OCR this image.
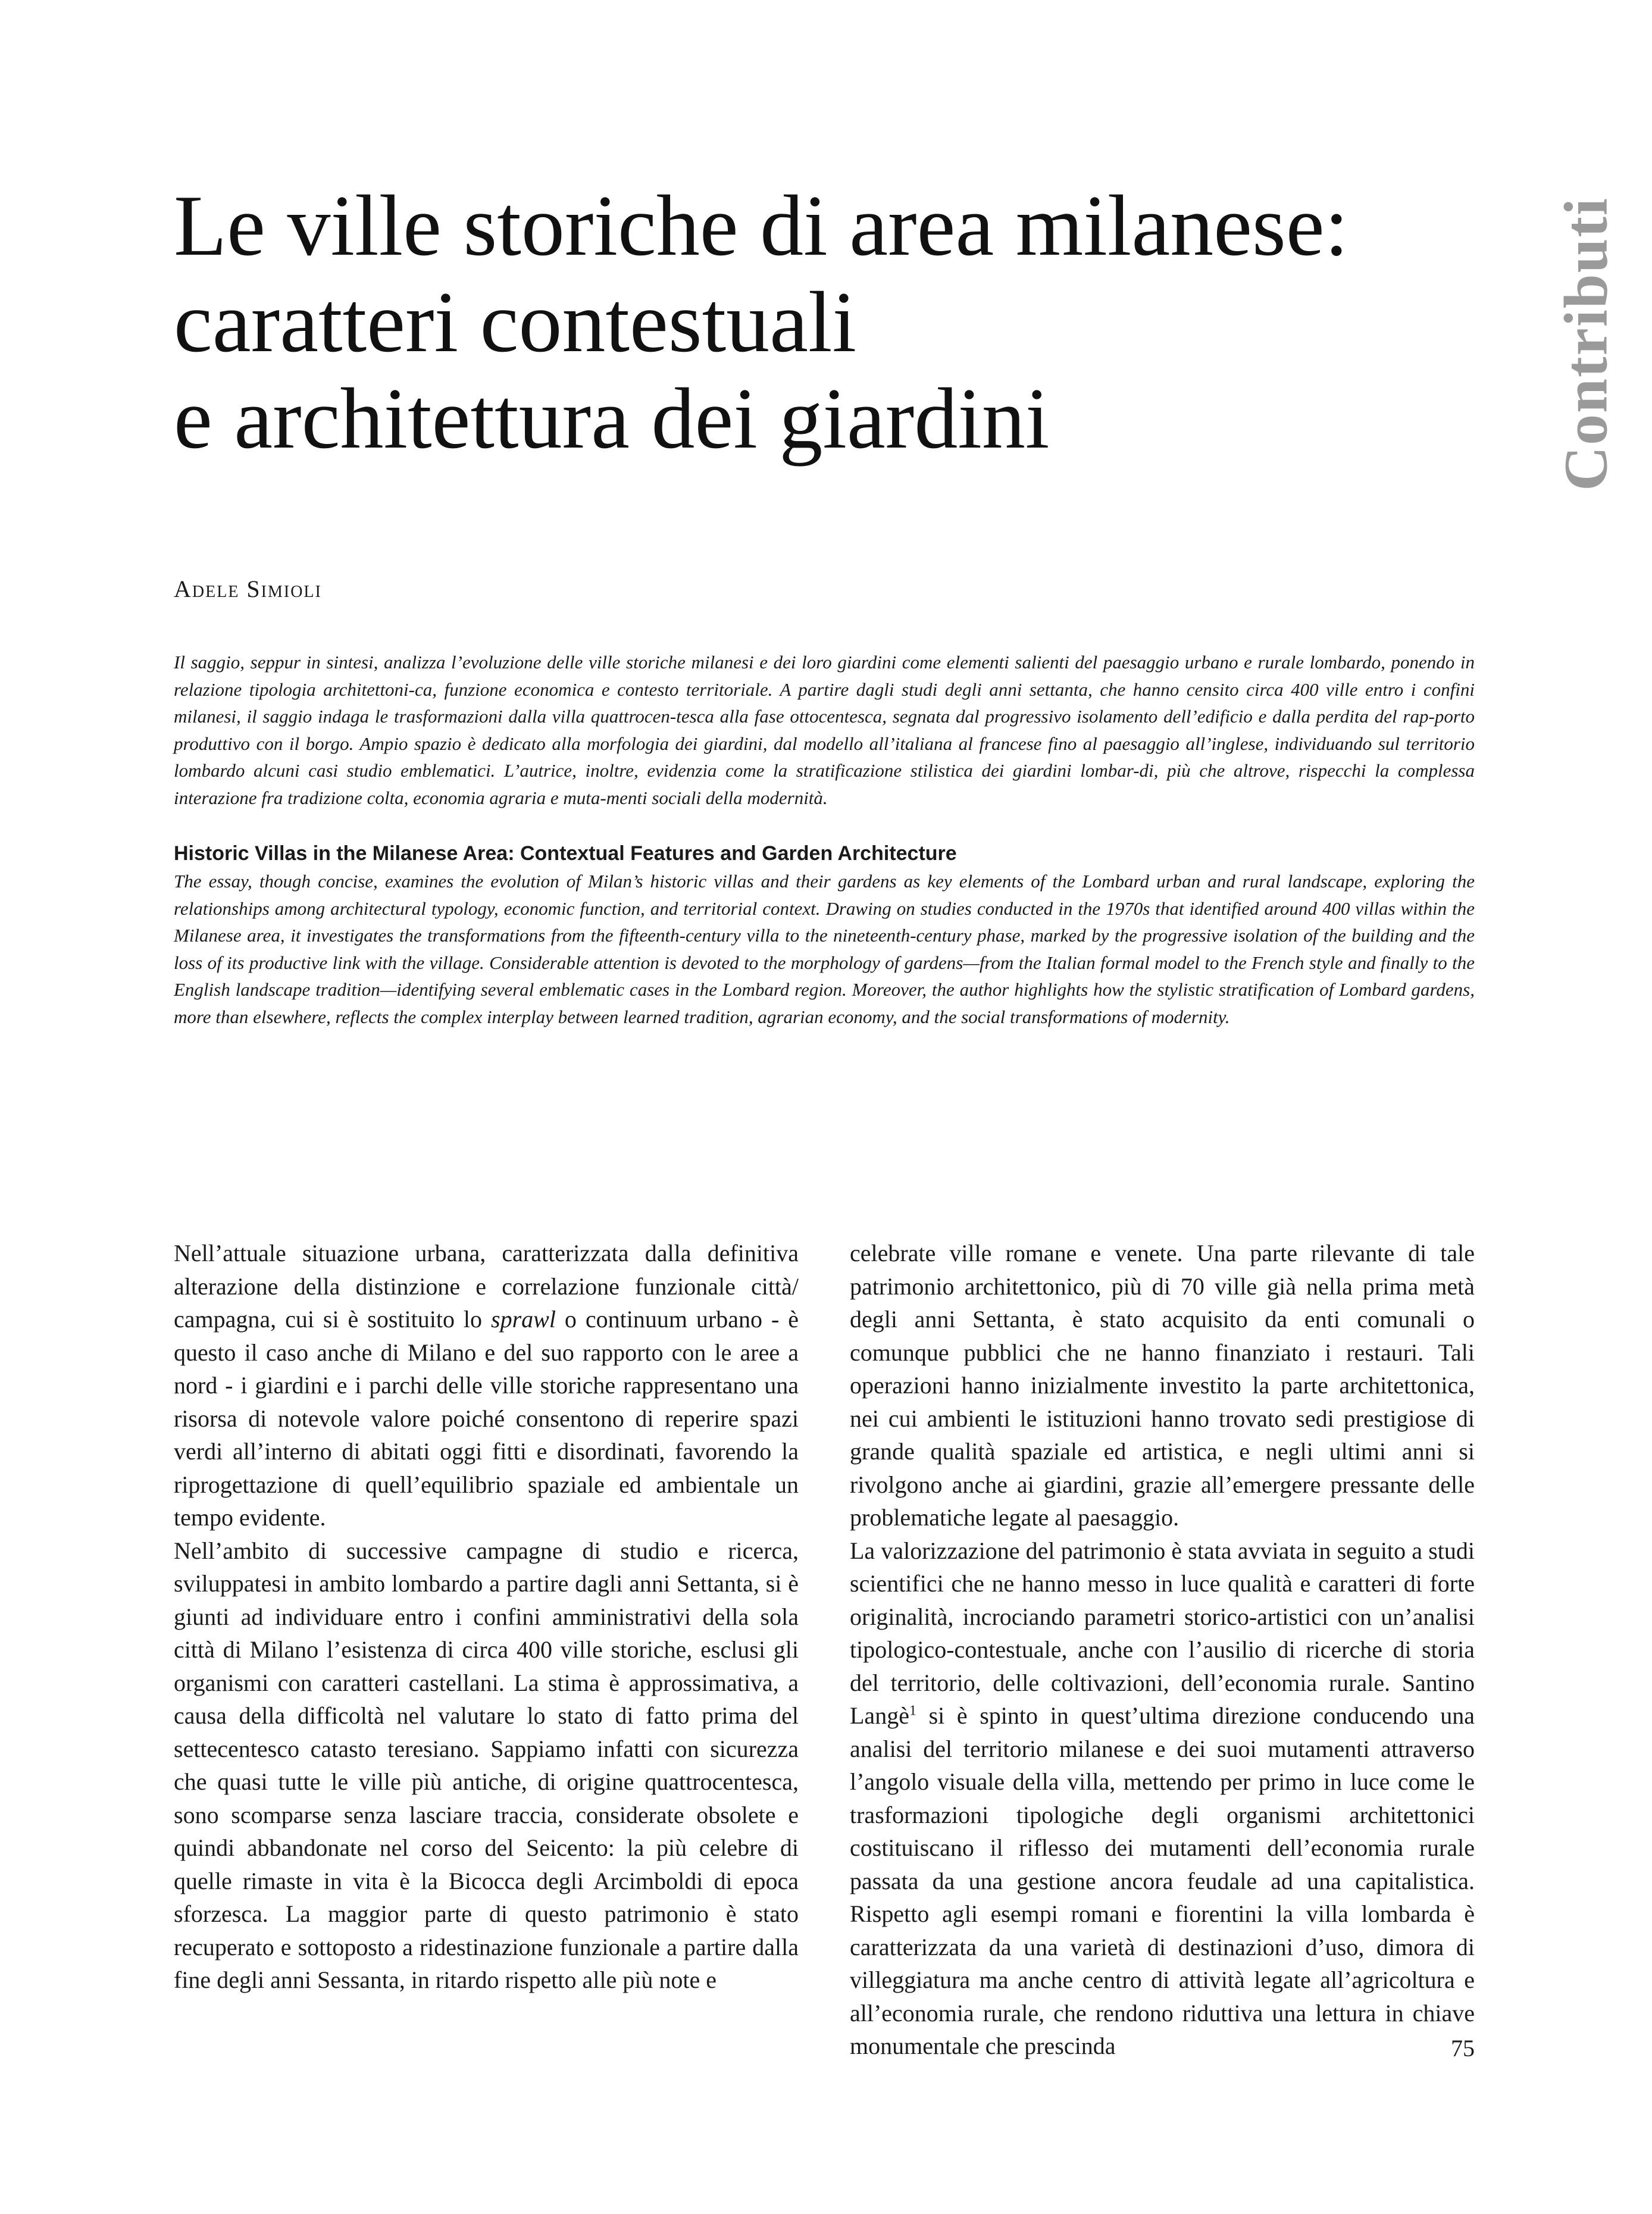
Le ville storiche di area milanese:
caratteri contestuali
e architettura dei giardini	Contributi
Adele Simioli

Il saggio, seppur in sintesi, analizza l’evoluzione delle ville storiche milanesi e dei loro giardini come elementi salienti del paesaggio urbano e rurale lombardo, ponendo in relazione tipologia architettoni-ca, funzione economica e contesto territoriale. A partire dagli studi degli anni settanta, che hanno censito circa 400 ville entro i confini milanesi, il saggio indaga le trasformazioni dalla villa quattrocen-tesca alla fase ottocentesca, segnata dal progressivo isolamento dell’edificio e dalla perdita del rap-porto produttivo con il borgo. Ampio spazio è dedicato alla morfologia dei giardini, dal modello all’italiana al francese fino al paesaggio all’inglese, individuando sul territorio lombardo alcuni casi studio emblematici. L’autrice, inoltre, evidenzia come la stratificazione stilistica dei giardini lombar-di, più che altrove, rispecchi la complessa interazione fra tradizione colta, economia agraria e muta-menti sociali della modernità.

Historic Villas in the Milanese Area: Contextual Features and Garden Architecture

The essay, though concise, examines the evolution of Milan’s historic villas and their gardens as key elements of the Lombard urban and rural landscape, exploring the relationships among architectural typology, economic function, and territorial context. Drawing on studies conducted in the 1970s that identified around 400 villas within the Milanese area, it investigates the transformations from the fifteenth-century villa to the nineteenth-century phase, marked by the progressive isolation of the building and the loss of its productive link with the village. Considerable attention is devoted to the morphology of gardens—from the Italian formal model to the French style and finally to the English landscape tradition—identifying several emblematic cases in the Lombard region. Moreover, the author highlights how the stylistic stratification of Lombard gardens, more than elsewhere, reflects the complex interplay between learned tradition, agrarian economy, and the social transformations of modernity.

Nell’attuale situazione urbana, caratterizzata dalla definitiva alterazione della distinzione e correlazione funzionale città/ campagna, cui si è sostituito lo sprawl o continuum urbano - è questo il caso anche di Milano e del suo rapporto con le aree a nord - i giardini e i parchi delle ville storiche rappresentano una risorsa di notevole valore poiché consentono di reperire spazi verdi all’interno di abitati oggi fitti e disordinati, favorendo la riprogettazione di quell’equilibrio spaziale ed ambientale un tempo evidente.

Nell’ambito di successive campagne di studio e ricerca, sviluppatesi in ambito lombardo a partire dagli anni Settanta, si è giunti ad individuare entro i confini amministrativi della sola città di Milano l’esistenza di circa 400 ville storiche, esclusi gli organismi con caratteri castellani. La stima è approssimativa, a causa della difficoltà nel valutare lo stato di fatto prima del settecentesco catasto teresiano. Sappiamo infatti con sicurezza che quasi tutte le ville più antiche, di origine quattrocentesca, sono scomparse senza lasciare traccia, considerate obsolete e quindi abbandonate nel corso del Seicento: la più celebre di quelle rimaste in vita è la Bicocca degli Arcimboldi di epoca sforzesca. La maggior parte di questo patrimonio è stato recuperato e sottoposto a ridestinazione funzionale a partire dalla fine degli anni Sessanta, in ritardo rispetto alle più note e

celebrate ville romane e venete. Una parte rilevante di tale patrimonio architettonico, più di 70 ville già nella prima metà degli anni Settanta, è stato acquisito da enti comunali o comunque pubblici che ne hanno finanziato i restauri. Tali operazioni hanno inizialmente investito la parte architettonica, nei cui ambienti le istituzioni hanno trovato sedi prestigiose di grande qualità spaziale ed artistica, e negli ultimi anni si rivolgono anche ai giardini, grazie all’emergere pressante delle problematiche legate al paesaggio.

La valorizzazione del patrimonio è stata avviata in seguito a studi scientifici che ne hanno messo in luce qualità e caratteri di forte originalità, incrociando parametri storico-artistici con un’analisi tipologico-contestuale, anche con l’ausilio di ricerche di storia del territorio, delle coltivazioni, dell’economia rurale. Santino Langè$^1$ si è spinto in quest’ultima direzione conducendo una analisi del territorio milanese e dei suoi mutamenti attraverso l’angolo visuale della villa, mettendo per primo in luce come le trasformazioni tipologiche degli organismi architettonici costituiscano il riflesso dei mutamenti dell’economia rurale passata da una gestione ancora feudale ad una capitalistica. Rispetto agli esempi romani e fiorentini la villa lombarda è caratterizzata da una varietà di destinazioni d’uso, dimora di villeggiatura ma anche centro di attività legate all’agricoltura e all’economia rurale, che rendono riduttiva una lettura in chiave monumentale che prescinda	75
